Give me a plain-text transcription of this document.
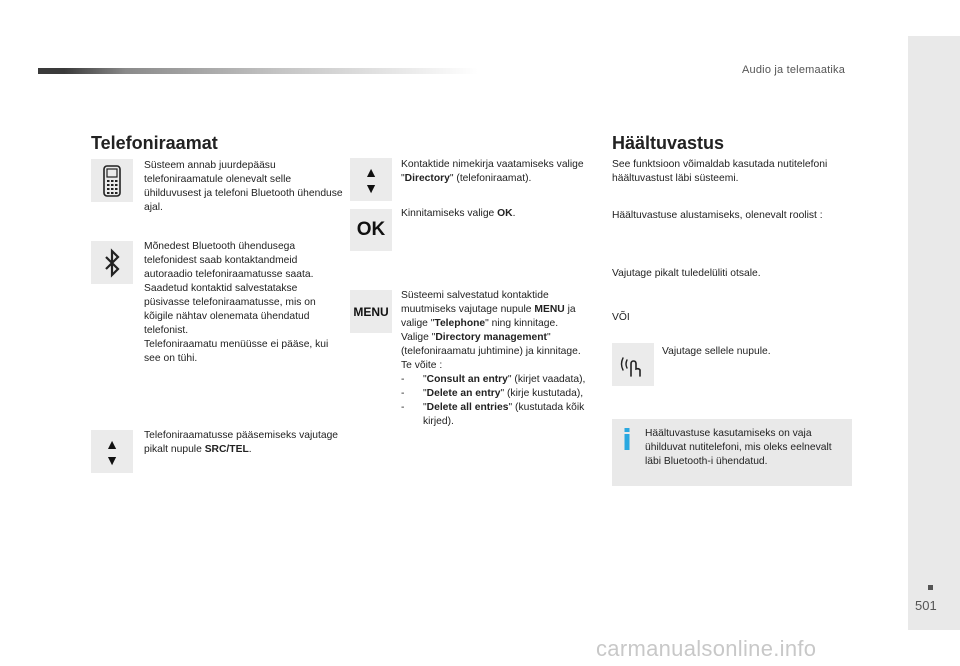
Audio ja telemaatika
501
Telefoniraamat
Süsteem annab juurdepääsu telefoniraamatule olenevalt selle ühilduvusest ja telefoni Bluetooth ühenduse ajal.
Mõnedest Bluetooth ühendusega telefonidest saab kontaktandmeid autoraadio telefoniraamatusse saata.
Saadetud kontaktid salvestatakse püsivasse telefoniraamatusse, mis on kõigile nähtav olenemata ühendatud telefonist.
Telefoniraamatu menüüsse ei pääse, kui see on tühi.
▲
▼
Telefoniraamatusse pääsemiseks vajutage pikalt nupule SRC/TEL.
▲
▼
Kontaktide nimekirja vaatamiseks valige "Directory" (telefoniraamat).
OK
Kinnitamiseks valige OK.
MENU
Süsteemi salvestatud kontaktide muutmiseks vajutage nupule MENU ja valige "Telephone" ning kinnitage.
Valige "Directory management" (telefoniraamatu juhtimine) ja kinnitage.
Te võite :
-	"Consult an entry" (kirjet vaadata),
-	"Delete an entry" (kirje kustutada),
-	"Delete all entries" (kustutada kõik kirjed).
Häältuvastus
See funktsioon võimaldab kasutada nutitelefoni häältuvastust läbi süsteemi.
Häältuvastuse alustamiseks, olenevalt roolist :
Vajutage pikalt tuledelüliti otsale.
VÕI
Vajutage sellele nupule.
Häältuvastuse kasutamiseks on vaja ühilduvat nutitelefoni, mis oleks eelnevalt läbi Bluetooth-i ühendatud.
carmanualsonline.info
